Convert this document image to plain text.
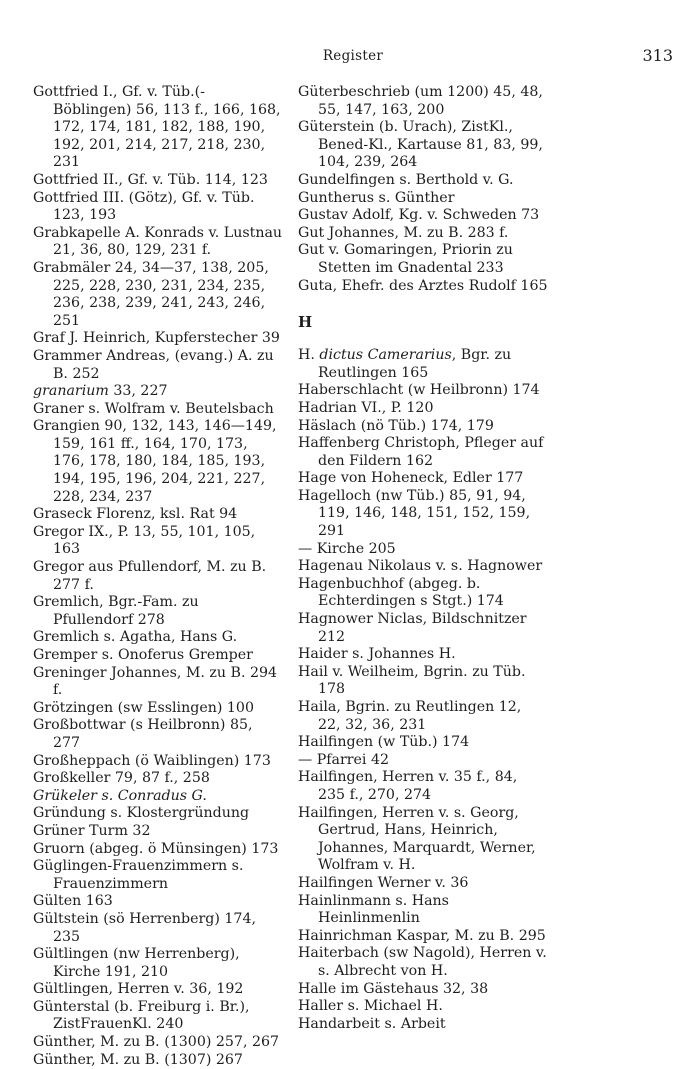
Register	313

Gottfried I., Gf. v. Tüb.(-Böblingen) 56, 113 f., 166, 168, 172, 174, 181, 182, 188, 190, 192, 201, 214, 217, 218, 230, 231

Gottfried II., Gf. v. Tüb. 114, 123

Gottfried III. (Götz), Gf. v. Tüb. 123, 193

Grabkapelle A. Konrads v. Lustnau 21, 36, 80, 129, 231 f.

Grabmäler 24, 34—37, 138, 205, 225, 228, 230, 231, 234, 235, 236, 238, 239, 241, 243, 246, 251

Graf J. Heinrich, Kupferstecher 39

Grammer Andreas, (evang.) A. zu B. 252

granarium 33, 227

Graner s. Wolfram v. Beutelsbach

Grangien 90, 132, 143, 146—149, 159, 161 ff., 164, 170, 173, 176, 178, 180, 184, 185, 193, 194, 195, 196, 204, 221, 227, 228, 234, 237

Graseck Florenz, ksl. Rat 94

Gregor IX., P. 13, 55, 101, 105, 163

Gregor aus Pfullendorf, M. zu B. 277 f.

Gremlich, Bgr.-Fam. zu Pfullendorf 278

Gremlich s. Agatha, Hans G.

Gremper s. Onoferus Gremper

Greninger Johannes, M. zu B. 294 f.

Grötzingen (sw Esslingen) 100

Großbottwar (s Heilbronn) 85, 277

Großheppach (ö Waiblingen) 173

Großkeller 79, 87 f., 258

Grükeler s. Conradus G.

Gründung s. Klostergründung

Grüner Turm 32

Gruorn (abgeg. ö Münsingen) 173

Güglingen-Frauenzimmern s. Frauenzimmern

Gülten 163

Gültstein (sö Herrenberg) 174, 235

Gültlingen (nw Herrenberg), Kirche 191, 210

Gültlingen, Herren v. 36, 192

Günterstal (b. Freiburg i. Br.), ZistFrauenKl. 240

Günther, M. zu B. (1300) 257, 267

Günther, M. zu B. (1307) 267

Güterbeschrieb (um 1200) 45, 48, 55, 147, 163, 200

Güterstein (b. Urach), ZistKl., Bened-Kl., Kartause 81, 83, 99, 104, 239, 264

Gundelfingen s. Berthold v. G.

Guntherus s. Günther

Gustav Adolf, Kg. v. Schweden 73

Gut Johannes, M. zu B. 283 f.

Gut v. Gomaringen, Priorin zu Stetten im Gnadental 233

Guta, Ehefr. des Arztes Rudolf 165

H

H. dictus Camerarius, Bgr. zu Reutlingen 165

Haberschlacht (w Heilbronn) 174

Hadrian VI., P. 120

Häslach (nö Tüb.) 174, 179

Haffenberg Christoph, Pfleger auf den Fildern 162

Hage von Hoheneck, Edler 177

Hagelloch (nw Tüb.) 85, 91, 94, 119, 146, 148, 151, 152, 159, 291

— Kirche 205

Hagenau Nikolaus v. s. Hagnower

Hagenbuchhof (abgeg. b. Echterdingen s Stgt.) 174

Hagnower Niclas, Bildschnitzer 212

Haider s. Johannes H.

Hail v. Weilheim, Bgrin. zu Tüb. 178

Haila, Bgrin. zu Reutlingen 12, 22, 32, 36, 231

Hailfingen (w Tüb.) 174

— Pfarrei 42

Hailfingen, Herren v. 35 f., 84, 235 f., 270, 274

Hailfingen, Herren v. s. Georg, Gertrud, Hans, Heinrich, Johannes, Marquardt, Werner, Wolfram v. H.

Hailfingen Werner v. 36

Hainlinmann s. Hans Heinlinmenlin

Hainrichman Kaspar, M. zu B. 295

Haiterbach (sw Nagold), Herren v. s. Albrecht von H.

Halle im Gästehaus 32, 38

Haller s. Michael H.

Handarbeit s. Arbeit
